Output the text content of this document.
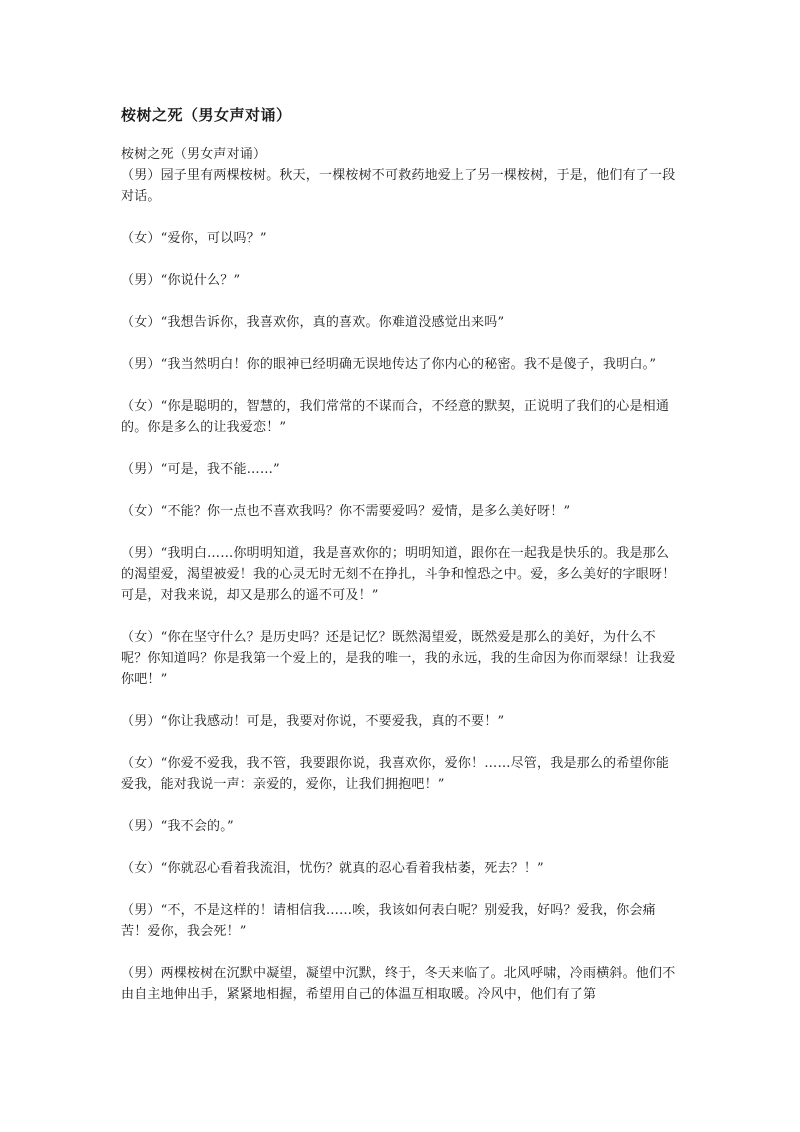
桉树之死（男女声对诵）

桉树之死（男女声对诵）

（男）园子里有两棵桉树。秋天，一棵桉树不可救药地爱上了另一棵桉树，于是，他们有了一段对话。

（女）“爱你，可以吗？”

（男）“你说什么？”

（女）“我想告诉你，我喜欢你，真的喜欢。你难道没感觉出来吗”

（男）“我当然明白！你的眼神已经明确无误地传达了你内心的秘密。我不是傻子，我明白。”

（女）“你是聪明的，智慧的，我们常常的不谋而合，不经意的默契，正说明了我们的心是相通的。你是多么的让我爱恋！”

（男）“可是，我不能……”

（女）“不能？你一点也不喜欢我吗？你不需要爱吗？爱情，是多么美好呀！”

（男）“我明白……你明明知道，我是喜欢你的；明明知道，跟你在一起我是快乐的。我是那么的渴望爱，渴望被爱！我的心灵无时无刻不在挣扎，斗争和惶恐之中。爱，多么美好的字眼呀！可是，对我来说，却又是那么的遥不可及！”

（女）“你在坚守什么？是历史吗？还是记忆？既然渴望爱，既然爱是那么的美好，为什么不呢？你知道吗？你是我第一个爱上的，是我的唯一，我的永远，我的生命因为你而翠绿！让我爱你吧！”

（男）“你让我感动！可是，我要对你说，不要爱我，真的不要！”

（女）“你爱不爱我，我不管，我要跟你说，我喜欢你，爱你！……尽管，我是那么的希望你能爱我，能对我说一声：亲爱的，爱你，让我们拥抱吧！”

（男）“我不会的。”

（女）“你就忍心看着我流泪，忧伤？就真的忍心看着我枯萎，死去？！”

（男）“不，不是这样的！请相信我……唉，我该如何表白呢？别爱我，好吗？爱我，你会痛苦！爱你，我会死！”

（男）两棵桉树在沉默中凝望，凝望中沉默，终于，冬天来临了。北风呼啸，冷雨横斜。他们不由自主地伸出手，紧紧地相握，希望用自己的体温互相取暖。冷风中，他们有了第
